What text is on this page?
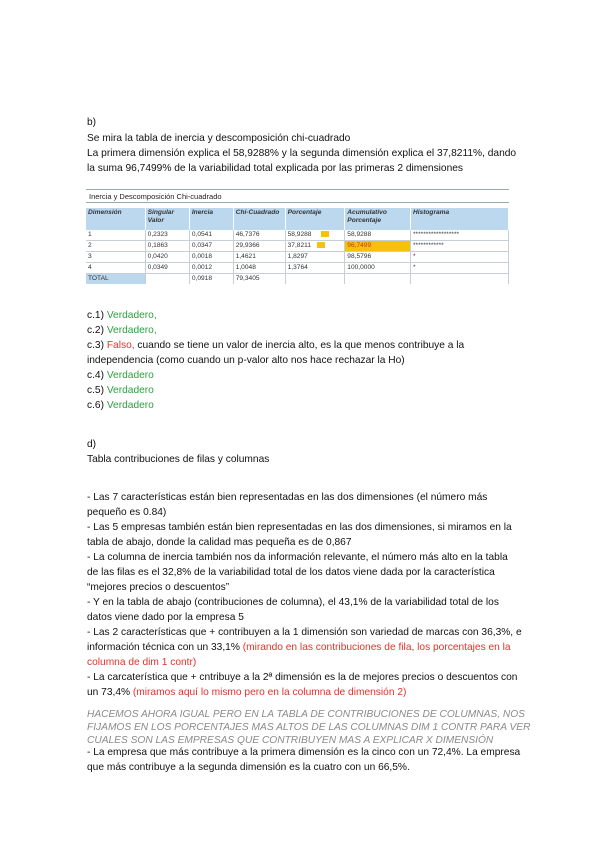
b)
Se mira la tabla de inercia y descomposición chi-cuadrado
La primera dimensión explica el 58,9288% y la segunda dimensión explica el 37,8211%, dando
la suma 96,7499% de la variabilidad total explicada por las primeras 2 dimensiones
Inercia y Descomposición Chi-cuadrado
Dimensión	Singular Valor	Inercia	Chi-Cuadrado	Porcentaje	Acumulativo Porcentaje	Histograma
1	0,2323	0,0541	46,7376	58,9288	58,9288	******************
2	0,1863	0,0347	29,9366	37,8211	96,7499	************
3	0,0420	0,0018	1,4621	1,8297	98,5796	*
4	0,0349	0,0012	1,0048	1,3764	100,0000	*
TOTAL		0,0918	79,3405			
c.1) Verdadero,
c.2) Verdadero,
c.3) Falso, cuando se tiene un valor de inercia alto, es la que menos contribuye a la
independencia (como cuando un p-valor alto nos hace rechazar la Ho)
c.4) Verdadero
c.5) Verdadero
c.6) Verdadero
d)
Tabla contribuciones de filas y columnas
- Las 7 características están bien representadas en las dos dimensiones (el número más
pequeño es 0.84)
- Las 5 empresas también están bien representadas en las dos dimensiones, si miramos en la
tabla de abajo, donde la calidad mas pequeña es de 0,867
- La columna de inercia también nos da información relevante, el número más alto en la tabla
de las filas es el 32,8% de la variabilidad total de los datos viene dada por la característica
“mejores precios o descuentos”
- Y en la tabla de abajo (contribuciones de columna), el 43,1% de la variabilidad total de los
datos viene dado por la empresa 5
- Las 2 características que + contribuyen a la 1 dimensión son variedad de marcas con 36,3%, e
información técnica con un 33,1% (mirando en las contribuciones de fila, los porcentajes en la
columna de dim 1 contr)
- La carcaterística que + cntribuye a la 2ª dimensión es la de mejores precios o descuentos con
un 73,4% (miramos aquí lo mismo pero en la columna de dimensión 2)
HACEMOS AHORA IGUAL PERO EN LA TABLA DE CONTRIBUCIONES DE COLUMNAS, NOS
FIJAMOS EN LOS PORCENTAJES MAS ALTOS DE LAS COLUMNAS DIM 1 CONTR PARA VER
CUALES SON LAS EMPRESAS QUE CONTRIBUYEN MAS A EXPLICAR X DIMENSIÓN
- La empresa que más contribuye a la primera dimensión es la cinco con un 72,4%. La empresa
que más contribuye a la segunda dimensión es la cuatro con un 66,5%.
